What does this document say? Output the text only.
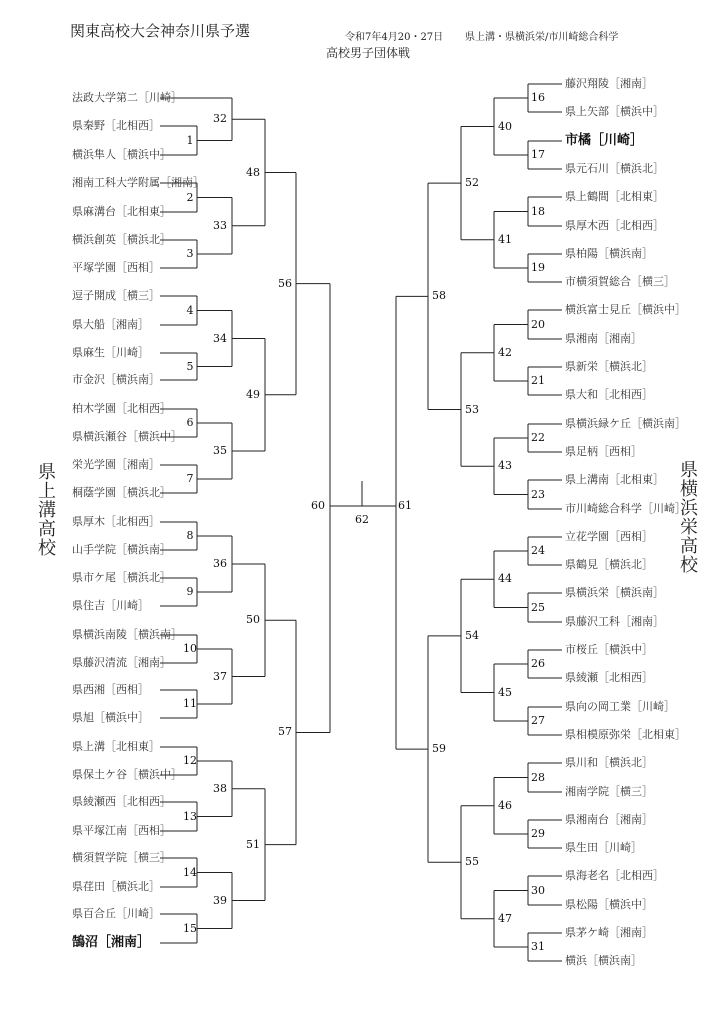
関東高校大会神奈川県予選	令和7年4月20・27日 県上溝・県横浜栄/市川崎総合科学
高校男子団体戦
県上溝高校	県横浜栄高校
法政大学第二［川崎］
県秦野［北相西］
横浜隼人［横浜中］
湘南工科大学附属［湘南］
県麻溝台［北相東］
横浜創英［横浜北］
平塚学園［西相］
逗子開成［横三］
県大船［湘南］
県麻生［川崎］
市金沢［横浜南］
柏木学園［北相西］
県横浜瀬谷［横浜中］
栄光学園［湘南］
桐蔭学園［横浜北］
県厚木［北相西］
山手学院［横浜南］
県市ケ尾［横浜北］
県住吉［川崎］
県横浜南陵［横浜南］
県藤沢清流［湘南］
県西湘［西相］
県旭［横浜中］
県上溝［北相東］
県保土ケ谷［横浜中］
県綾瀬西［北相西］
県平塚江南［西相］
横須賀学院［横三］
県荏田［横浜北］
県百合丘［川崎］
鵠沼［湘南］
1
2
3
4
5
6
7
8
9
10
11
12
13
14
15
32
33
34
35
36
37
38
39
48
49
50
51
56
57
藤沢翔陵［湘南］
県上矢部［横浜中］
市橘［川崎］
県元石川［横浜北］
県上鶴間［北相東］
県厚木西［北相西］
県柏陽［横浜南］
市横須賀総合［横三］
横浜富士見丘［横浜中］
県湘南［湘南］
県新栄［横浜北］
県大和［北相西］
県横浜緑ケ丘［横浜南］
県足柄［西相］
県上溝南［北相東］
市川崎総合科学［川崎］
立花学園［西相］
県鶴見［横浜北］
県横浜栄［横浜南］
県藤沢工科［湘南］
市桜丘［横浜中］
県綾瀬［北相西］
県向の岡工業［川崎］
県相模原弥栄［北相東］
県川和［横浜北］
湘南学院［横三］
県湘南台［湘南］
県生田［川崎］
県海老名［北相西］
県松陽［横浜中］
県茅ケ崎［湘南］
横浜［横浜南］
16
17
18
19
20
21
22
23
24
25
26
27
28
29
30
31
40
41
42
43
44
45
46
47
52
53
54
55
58
59
60	61
62
